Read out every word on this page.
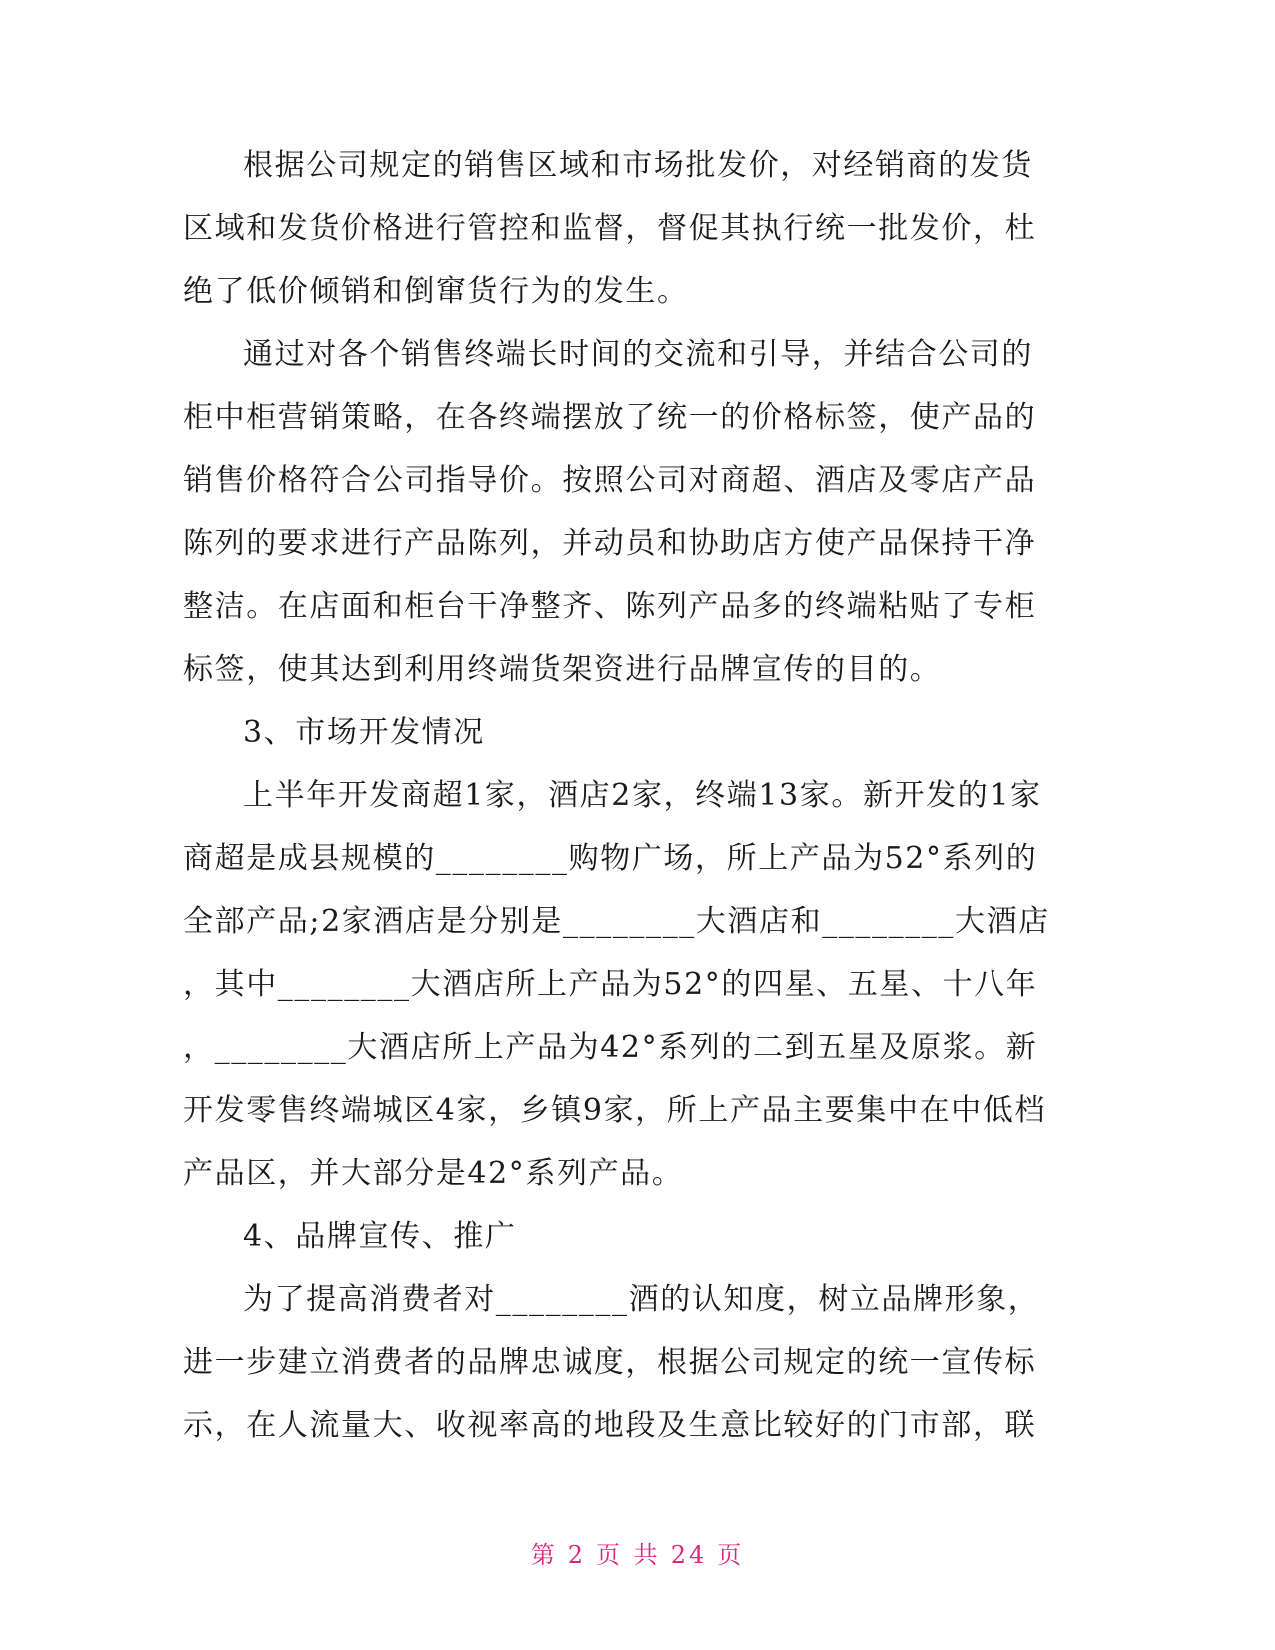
根据公司规定的销售区域和市场批发价，对经销商的发货
区域和发货价格进行管控和监督，督促其执行统一批发价，杜
绝了低价倾销和倒窜货行为的发生。
通过对各个销售终端长时间的交流和引导，并结合公司的
柜中柜营销策略，在各终端摆放了统一的价格标签，使产品的
销售价格符合公司指导价。按照公司对商超、酒店及零店产品
陈列的要求进行产品陈列，并动员和协助店方使产品保持干净
整洁。在店面和柜台干净整齐、陈列产品多的终端粘贴了专柜
标签，使其达到利用终端货架资进行品牌宣传的目的。
3、市场开发情况
上半年开发商超1家，酒店2家，终端13家。新开发的1家
商超是成县规模的________购物广场，所上产品为52°系列的
全部产品;2家酒店是分别是________大酒店和________大酒店
，其中________大酒店所上产品为52°的四星、五星、十八年
，________大酒店所上产品为42°系列的二到五星及原浆。新
开发零售终端城区4家，乡镇9家，所上产品主要集中在中低档
产品区，并大部分是42°系列产品。
4、品牌宣传、推广
为了提高消费者对________酒的认知度，树立品牌形象，
进一步建立消费者的品牌忠诚度，根据公司规定的统一宣传标
示，在人流量大、收视率高的地段及生意比较好的门市部，联
第 2 页 共 24 页
